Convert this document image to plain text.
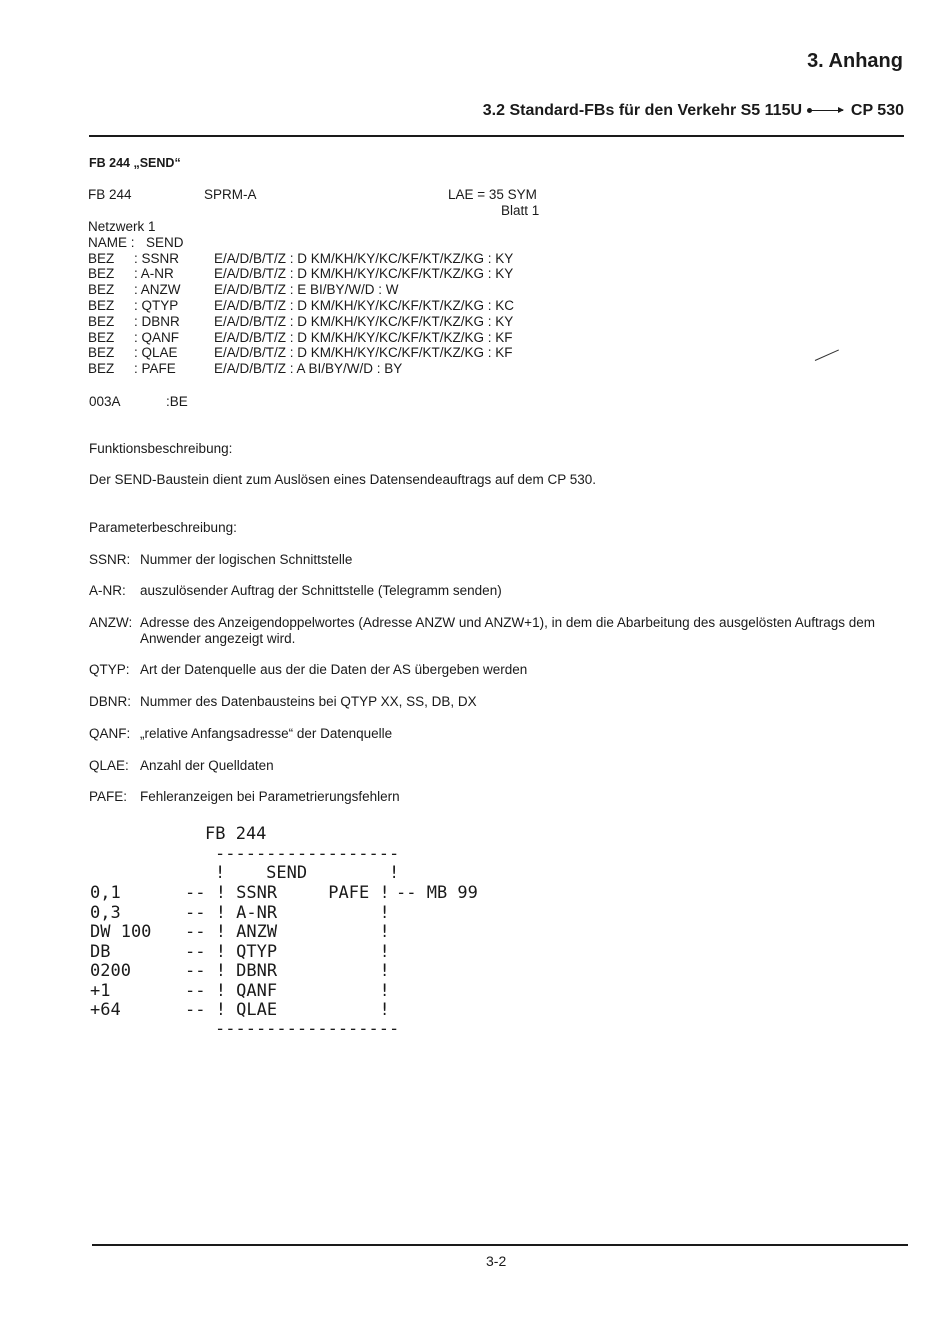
3. Anhang
3.2 Standard-FBs für den Verkehr S5 115U	CP 530
FB 244 „SEND“
FB 244	SPRM-A	LAE = 35 SYM
Blatt 1
Netzwerk 1
NAME : SEND
BEZ	: SSNR	E/A/D/B/T/Z : D KM/KH/KY/KC/KF/KT/KZ/KG : KY
BEZ	: A-NR	E/A/D/B/T/Z : D KM/KH/KY/KC/KF/KT/KZ/KG : KY
BEZ	: ANZW	E/A/D/B/T/Z : E BI/BY/W/D : W
BEZ	: QTYP	E/A/D/B/T/Z : D KM/KH/KY/KC/KF/KT/KZ/KG : KC
BEZ	: DBNR	E/A/D/B/T/Z : D KM/KH/KY/KC/KF/KT/KZ/KG : KY
BEZ	: QANF	E/A/D/B/T/Z : D KM/KH/KY/KC/KF/KT/KZ/KG : KF
BEZ	: QLAE	E/A/D/B/T/Z : D KM/KH/KY/KC/KF/KT/KZ/KG : KF
BEZ	: PAFE	E/A/D/B/T/Z : A BI/BY/W/D : BY
003A	:BE
Funktionsbeschreibung:
Der SEND-Baustein dient zum Auslösen eines Datensendeauftrags auf dem CP 530.
Parameterbeschreibung:
SSNR: Nummer der logischen Schnittstelle
A-NR:	auszulösender Auftrag der Schnittstelle (Telegramm senden)
ANZW: Adresse des Anzeigendoppelwortes (Adresse ANZW und ANZW+1), in dem die Abarbeitung des ausgelösten Auftrags dem Anwender angezeigt wird.
QTYP: Art der Datenquelle aus der die Daten der AS übergeben werden
DBNR: Nummer des Datenbausteins bei QTYP XX, SS, DB, DX
QANF: „relative Anfangsadresse“ der Datenquelle
QLAE: Anzahl der Quelldaten
PAFE: Fehleranzeigen bei Parametrierungsfehlern
FB 244
------------------
!    SEND        !
0,1	-- ! SSNR     PAFE ! -- MB 99
0,3	-- ! A-NR          !
DW 100 -- ! ANZW          !
DB	-- ! QTYP          !
0200	-- ! DBNR          !
+1	-- ! QANF          !
+64	-- ! QLAE          !
------------------
3-2
